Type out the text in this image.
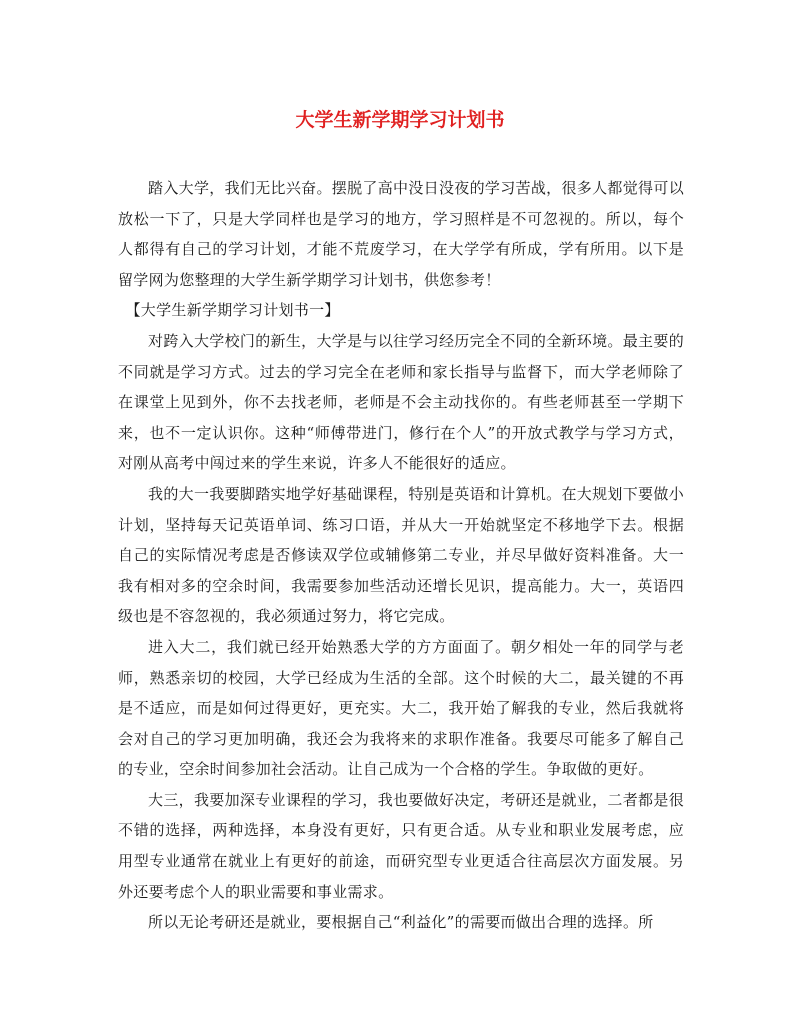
大学生新学期学习计划书

踏入大学，我们无比兴奋。摆脱了高中没日没夜的学习苦战，很多人都觉得可以放松一下了，只是大学同样也是学习的地方，学习照样是不可忽视的。所以，每个人都得有自己的学习计划，才能不荒废学习，在大学学有所成，学有所用。以下是留学网为您整理的大学生新学期学习计划书，供您参考！

【大学生新学期学习计划书一】

对跨入大学校门的新生，大学是与以往学习经历完全不同的全新环境。最主要的不同就是学习方式。过去的学习完全在老师和家长指导与监督下，而大学老师除了在课堂上见到外，你不去找老师，老师是不会主动找你的。有些老师甚至一学期下来，也不一定认识你。这种“师傅带进门，修行在个人”的开放式教学与学习方式，对刚从高考中闯过来的学生来说，许多人不能很好的适应。

我的大一我要脚踏实地学好基础课程，特别是英语和计算机。在大规划下要做小计划，坚持每天记英语单词、练习口语，并从大一开始就坚定不移地学下去。根据自己的实际情况考虑是否修读双学位或辅修第二专业，并尽早做好资料准备。大一我有相对多的空余时间，我需要参加些活动还增长见识，提高能力。大一，英语四级也是不容忽视的，我必须通过努力，将它完成。

进入大二，我们就已经开始熟悉大学的方方面面了。朝夕相处一年的同学与老师，熟悉亲切的校园，大学已经成为生活的全部。这个时候的大二，最关键的不再是不适应，而是如何过得更好，更充实。大二，我开始了解我的专业，然后我就将会对自己的学习更加明确，我还会为我将来的求职作准备。我要尽可能多了解自己的专业，空余时间参加社会活动。让自己成为一个合格的学生。争取做的更好。

大三，我要加深专业课程的学习，我也要做好决定，考研还是就业，二者都是很不错的选择，两种选择，本身没有更好，只有更合适。从专业和职业发展考虑，应用型专业通常在就业上有更好的前途，而研究型专业更适合往高层次方面发展。另外还要考虑个人的职业需要和事业需求。

所以无论考研还是就业，要根据自己“利益化”的需要而做出合理的选择。所
